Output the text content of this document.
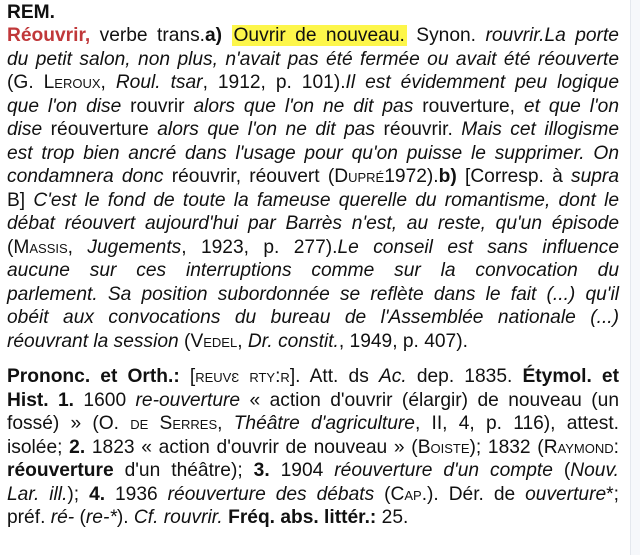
REM.
Réouvrir, verbe trans.a) Ouvrir de nouveau. Synon. rouvrir.La porte
du petit salon, non plus, n'avait pas été fermée ou avait été réouverte
(G. Leroux, Roul. tsar, 1912, p. 101).Il est évidemment peu logique
que l'on dise rouvrir alors que l'on ne dit pas rouverture, et que l'on
dise réouverture alors que l'on ne dit pas réouvrir. Mais cet illogisme
est trop bien ancré dans l'usage pour qu'on puisse le supprimer. On
condamnera donc réouvrir, réouvert (Dupré1972).b) [Corresp. à supra
B] C'est le fond de toute la fameuse querelle du romantisme, dont le
débat réouvert aujourd'hui par Barrès n'est, au reste, qu'un épisode
(Massis, Jugements, 1923, p. 277).Le conseil est sans influence
aucune sur ces interruptions comme sur la convocation du
parlement. Sa position subordonnée se reflète dans le fait (...) qu'il
obéit aux convocations du bureau de l'Assemblée nationale (...)
réouvrant la session (Vedel, Dr. constit., 1949, p. 407).
Prononc. et Orth.: [reuvɛ rty:r]. Att. ds Ac. dep. 1835. Étymol. et
Hist. 1. 1600 re-ouverture « action d'ouvrir (élargir) de nouveau (un
fossé) » (O. de Serres, Théâtre d'agriculture, II, 4, p. 116), attest.
isolée; 2. 1823 « action d'ouvrir de nouveau » (Boiste); 1832 (Raymond:
réouverture d'un théâtre); 3. 1904 réouverture d'un compte (Nouv.
Lar. ill.); 4. 1936 réouverture des débats (Cap.). Dér. de ouverture*;
préf. ré- (re-*). Cf. rouvrir. Fréq. abs. littér.: 25.
